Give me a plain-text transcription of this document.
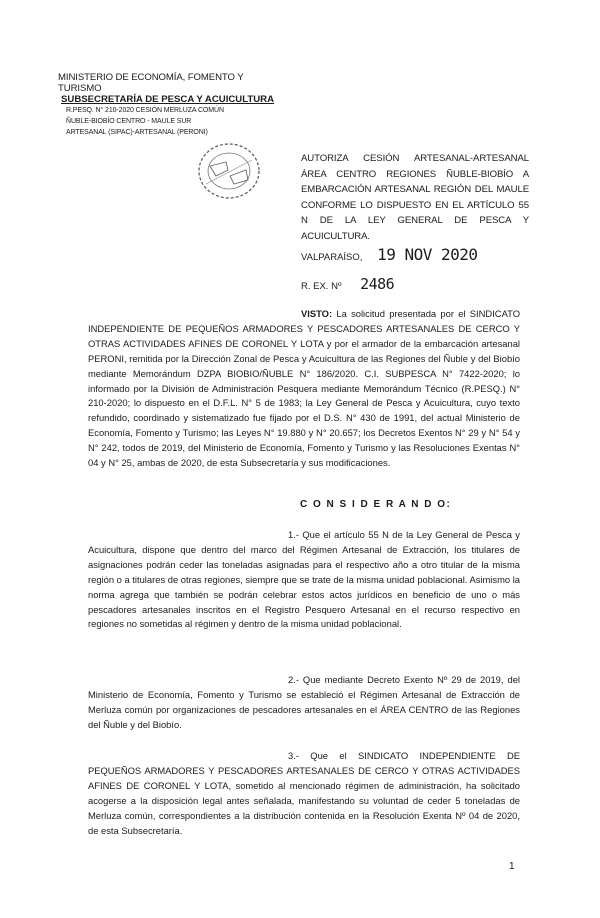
MINISTERIO DE ECONOMÍA, FOMENTO Y TURISMO
SUBSECRETARÍA DE PESCA Y ACUICULTURA
R.PESQ. N° 210-2020 CESIÓN MERLUZA COMÚN
ÑUBLE-BIOBÍO CENTRO - MAULE SUR
ARTESANAL (SIPAC)-ARTESANAL (PERONI)
AUTORIZA CESIÓN ARTESANAL-ARTESANAL ÁREA CENTRO REGIONES ÑUBLE-BIOBÍO A EMBARCACIÓN ARTESANAL REGIÓN DEL MAULE CONFORME LO DISPUESTO EN EL ARTÍCULO 55 N DE LA LEY GENERAL DE PESCA Y ACUICULTURA.
VALPARAÍSO, 19 NOV 2020
R. EX. Nº 2486
VISTO: La solicitud presentada por el SINDICATO INDEPENDIENTE DE PEQUEÑOS ARMADORES Y PESCADORES ARTESANALES DE CERCO Y OTRAS ACTIVIDADES AFINES DE CORONEL Y LOTA y por el armador de la embarcación artesanal PERONI, remitida por la Dirección Zonal de Pesca y Acuicultura de las Regiones del Ñuble y del Biobío mediante Memorándum DZPA BIOBIO/ÑUBLE N° 186/2020. C.I. SUBPESCA N° 7422-2020; lo informado por la División de Administración Pesquera mediante Memorándum Técnico (R.PESQ.) N° 210-2020; lo dispuesto en el D.F.L. N° 5 de 1983; la Ley General de Pesca y Acuicultura, cuyo texto refundido, coordinado y sistematizado fue fijado por el D.S. N° 430 de 1991, del actual Ministerio de Economía, Fomento y Turismo; las Leyes N° 19.880 y N° 20.657; los Decretos Exentos N° 29 y N° 54 y N° 242, todos de 2019, del Ministerio de Economía, Fomento y Turismo y las Resoluciones Exentas N° 04 y N° 25, ambas de 2020, de esta Subsecretaría y sus modificaciones.
C O N S I D E R A N D O:
1.- Que el artículo 55 N de la Ley General de Pesca y Acuicultura, dispone que dentro del marco del Régimen Artesanal de Extracción, los titulares de asignaciones podrán ceder las toneladas asignadas para el respectivo año a otro titular de la misma región o a titulares de otras regiones, siempre que se trate de la misma unidad poblacional. Asimismo la norma agrega que también se podrán celebrar estos actos jurídicos en beneficio de uno o más pescadores artesanales inscritos en el Registro Pesquero Artesanal en el recurso respectivo en regiones no sometidas al régimen y dentro de la misma unidad poblacional.
2.- Que mediante Decreto Exento Nº 29 de 2019, del Ministerio de Economía, Fomento y Turismo se estableció el Régimen Artesanal de Extracción de Merluza común por organizaciones de pescadores artesanales en el ÁREA CENTRO de las Regiones del Ñuble y del Biobío.
3.- Que el SINDICATO INDEPENDIENTE DE PEQUEÑOS ARMADORES Y PESCADORES ARTESANALES DE CERCO Y OTRAS ACTIVIDADES AFINES DE CORONEL Y LOTA, sometido al mencionado régimen de administración, ha solicitado acogerse a la disposición legal antes señalada, manifestando su voluntad de ceder 5 toneladas de Merluza común, correspondientes a la distribución contenida en la Resolución Exenta Nº 04 de 2020, de esta Subsecretaría.
1
